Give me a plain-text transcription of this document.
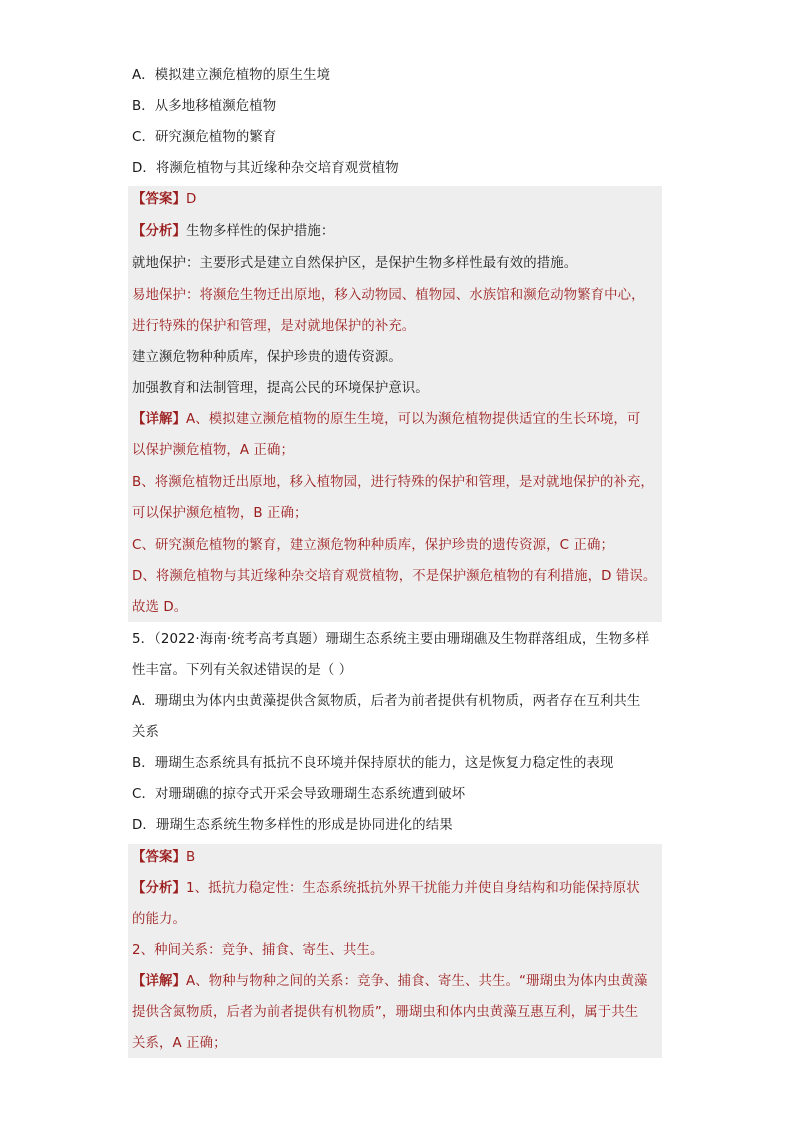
A．模拟建立濒危植物的原生生境
B．从多地移植濒危植物
C．研究濒危植物的繁育
D．将濒危植物与其近缘种杂交培育观赏植物
【答案】D
【分析】生物多样性的保护措施：
就地保护：主要形式是建立自然保护区，是保护生物多样性最有效的措施。
易地保护：将濒危生物迁出原地，移入动物园、植物园、水族馆和濒危动物繁育中心，
进行特殊的保护和管理，是对就地保护的补充。
建立濒危物种种质库，保护珍贵的遗传资源。
加强教育和法制管理，提高公民的环境保护意识。
【详解】A、模拟建立濒危植物的原生生境，可以为濒危植物提供适宜的生长环境，可
以保护濒危植物，A 正确；
B、将濒危植物迁出原地，移入植物园，进行特殊的保护和管理，是对就地保护的补充，
可以保护濒危植物，B 正确；
C、研究濒危植物的繁育，建立濒危物种种质库，保护珍贵的遗传资源，C 正确；
D、将濒危植物与其近缘种杂交培育观赏植物，不是保护濒危植物的有利措施，D 错误。
故选 D。
5．（2022·海南·统考高考真题）珊瑚生态系统主要由珊瑚礁及生物群落组成，生物多样
性丰富。下列有关叙述错误的是（ ）
A．珊瑚虫为体内虫黄藻提供含氮物质，后者为前者提供有机物质，两者存在互利共生
关系
B．珊瑚生态系统具有抵抗不良环境并保持原状的能力，这是恢复力稳定性的表现
C．对珊瑚礁的掠夺式开采会导致珊瑚生态系统遭到破坏
D．珊瑚生态系统生物多样性的形成是协同进化的结果
【答案】B
【分析】1、抵抗力稳定性：生态系统抵抗外界干扰能力并使自身结构和功能保持原状
的能力。
2、种间关系：竞争、捕食、寄生、共生。
【详解】A、物种与物种之间的关系：竞争、捕食、寄生、共生。“珊瑚虫为体内虫黄藻
提供含氮物质，后者为前者提供有机物质”，珊瑚虫和体内虫黄藻互惠互利，属于共生
关系，A 正确；
